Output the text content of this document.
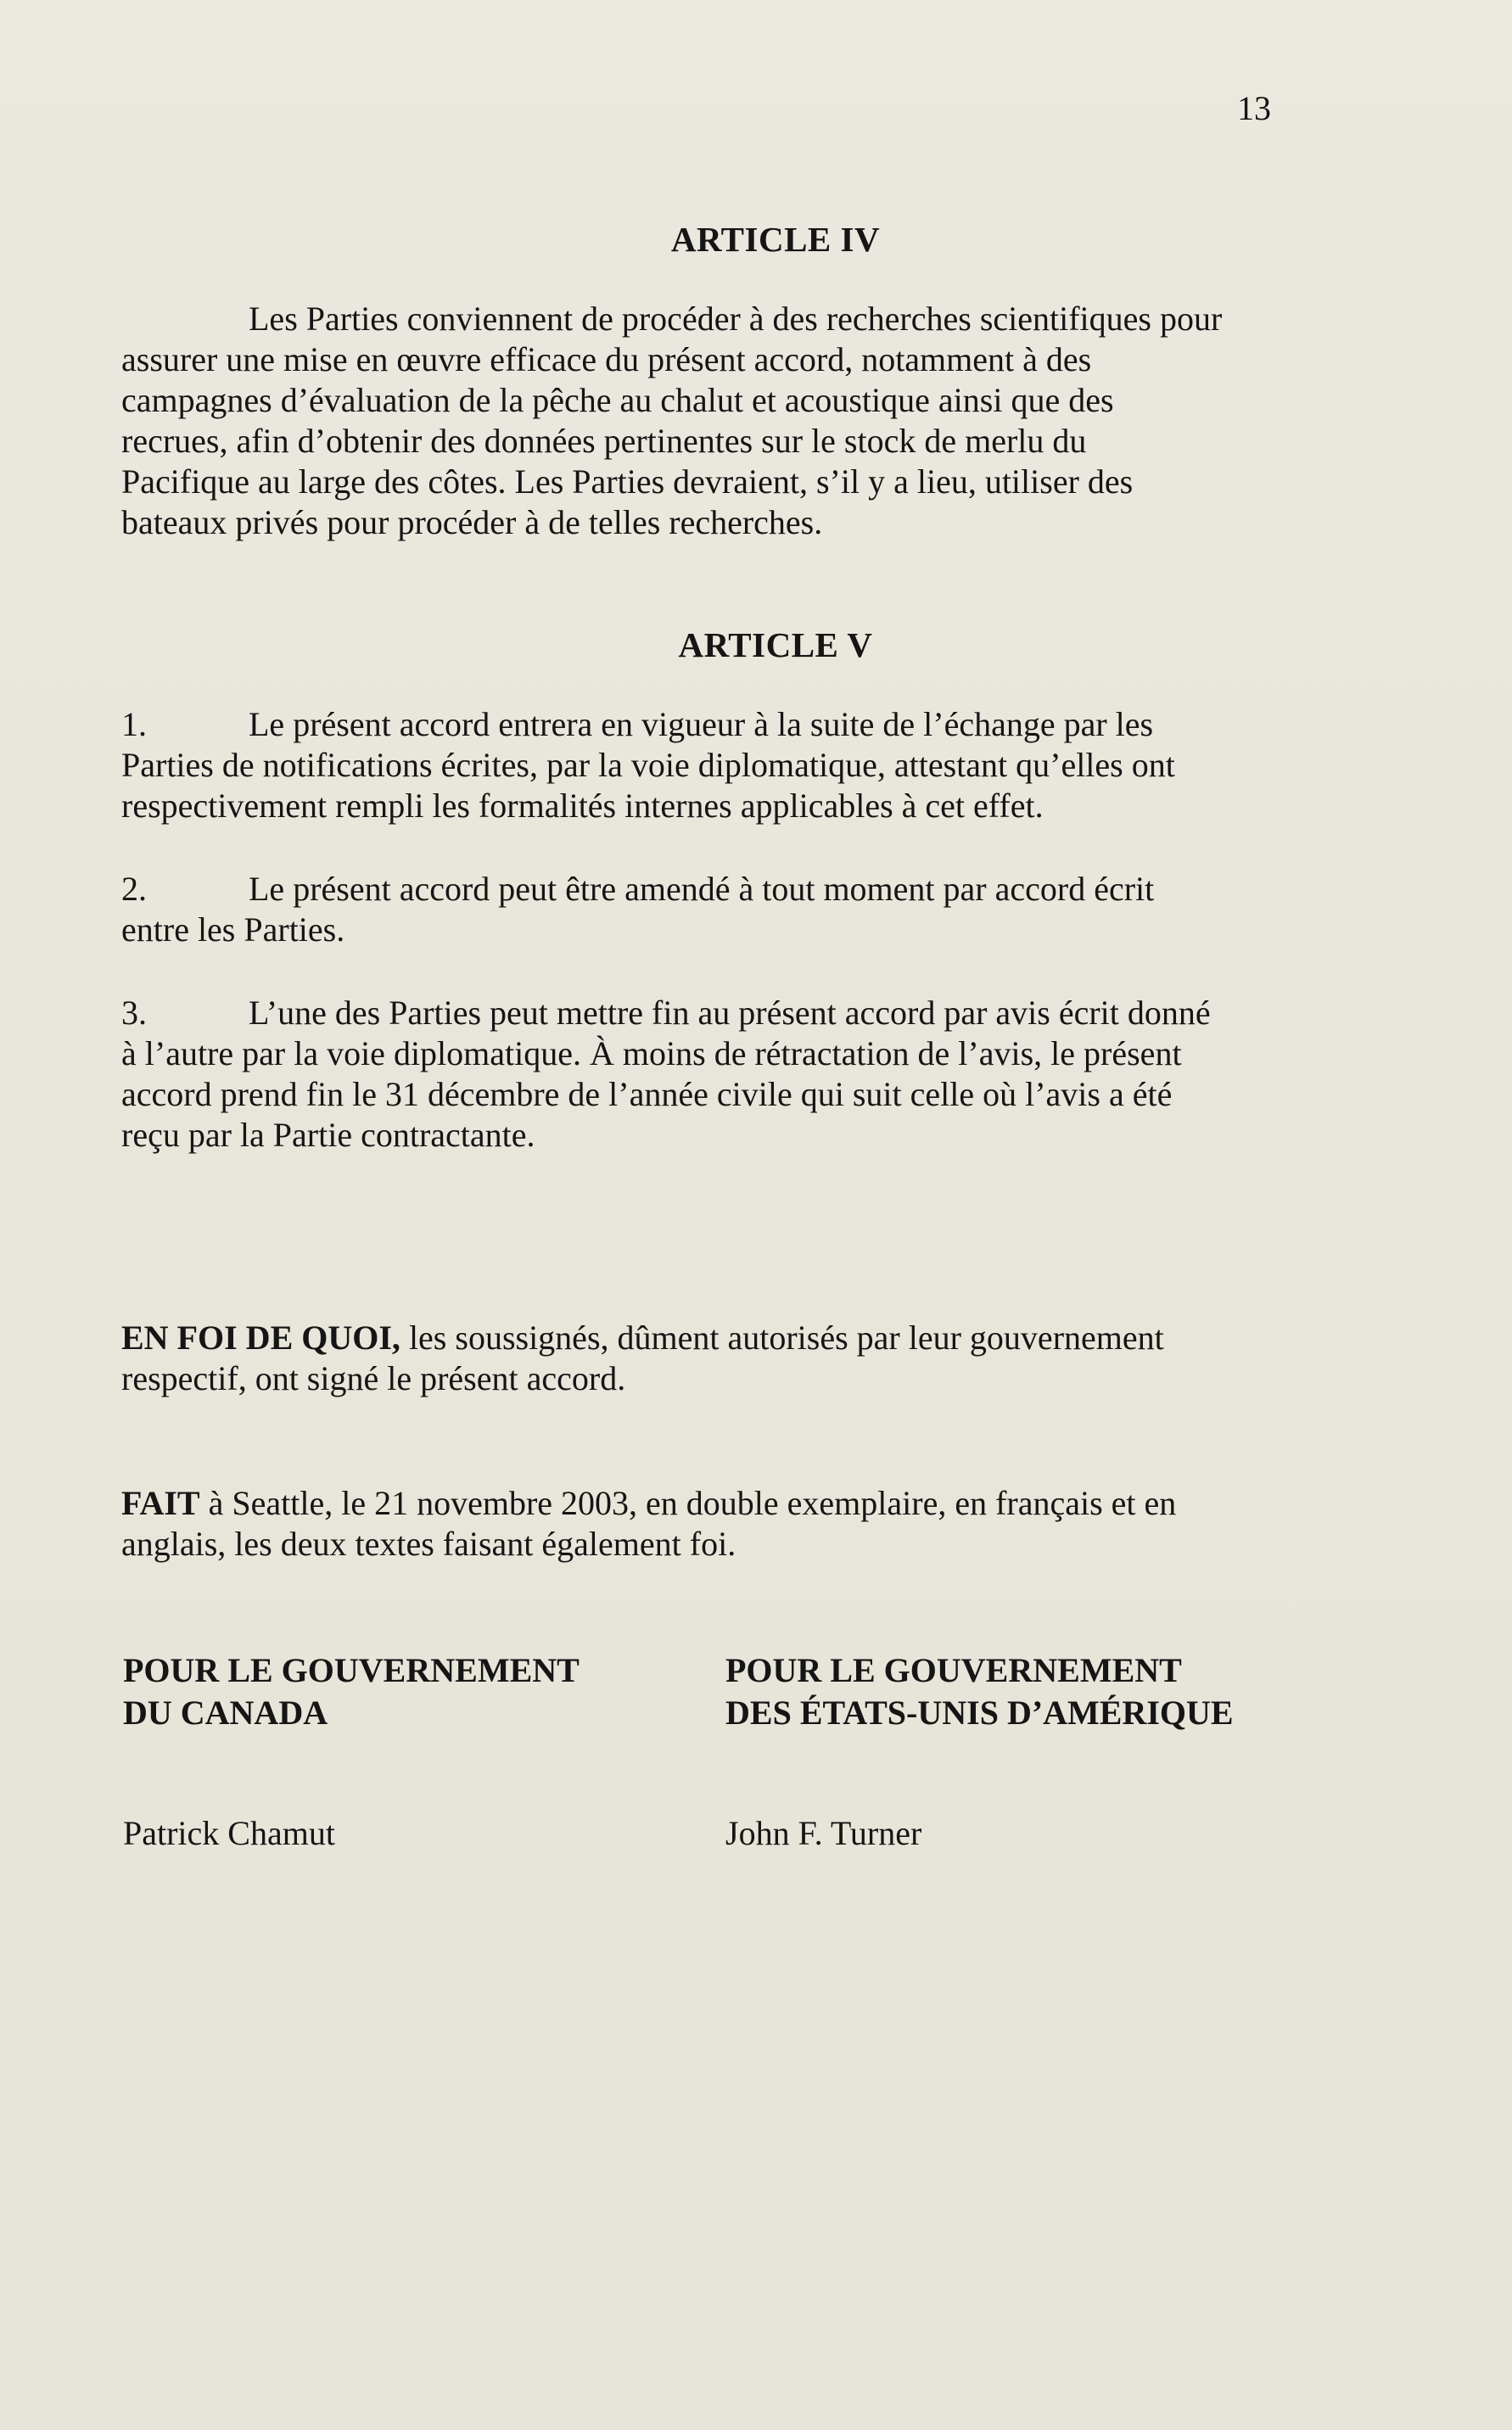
13
ARTICLE IV
Les Parties conviennent de procéder à des recherches scientifiques pour
assurer une mise en œuvre efficace du présent accord, notamment à des
campagnes d’évaluation de la pêche au chalut et acoustique ainsi que des
recrues, afin d’obtenir des données pertinentes sur le stock de merlu du
Pacifique au large des côtes. Les Parties devraient, s’il y a lieu, utiliser des
bateaux privés pour procéder à de telles recherches.
ARTICLE V
1.	Le présent accord entrera en vigueur à la suite de l’échange par les
Parties de notifications écrites, par la voie diplomatique, attestant qu’elles ont
respectivement rempli les formalités internes applicables à cet effet.
2.	Le présent accord peut être amendé à tout moment par accord écrit
entre les Parties.
3.	L’une des Parties peut mettre fin au présent accord par avis écrit donné
à l’autre par la voie diplomatique. À moins de rétractation de l’avis, le présent
accord prend fin le 31 décembre de l’année civile qui suit celle où l’avis a été
reçu par la Partie contractante.
EN FOI DE QUOI, les soussignés, dûment autorisés par leur gouvernement
respectif, ont signé le présent accord.
FAIT à Seattle, le 21 novembre 2003, en double exemplaire, en français et en
anglais, les deux textes faisant également foi.
POUR LE GOUVERNEMENT
DU CANADA
POUR LE GOUVERNEMENT
DES ÉTATS-UNIS D’AMÉRIQUE
Patrick Chamut	John F. Turner
